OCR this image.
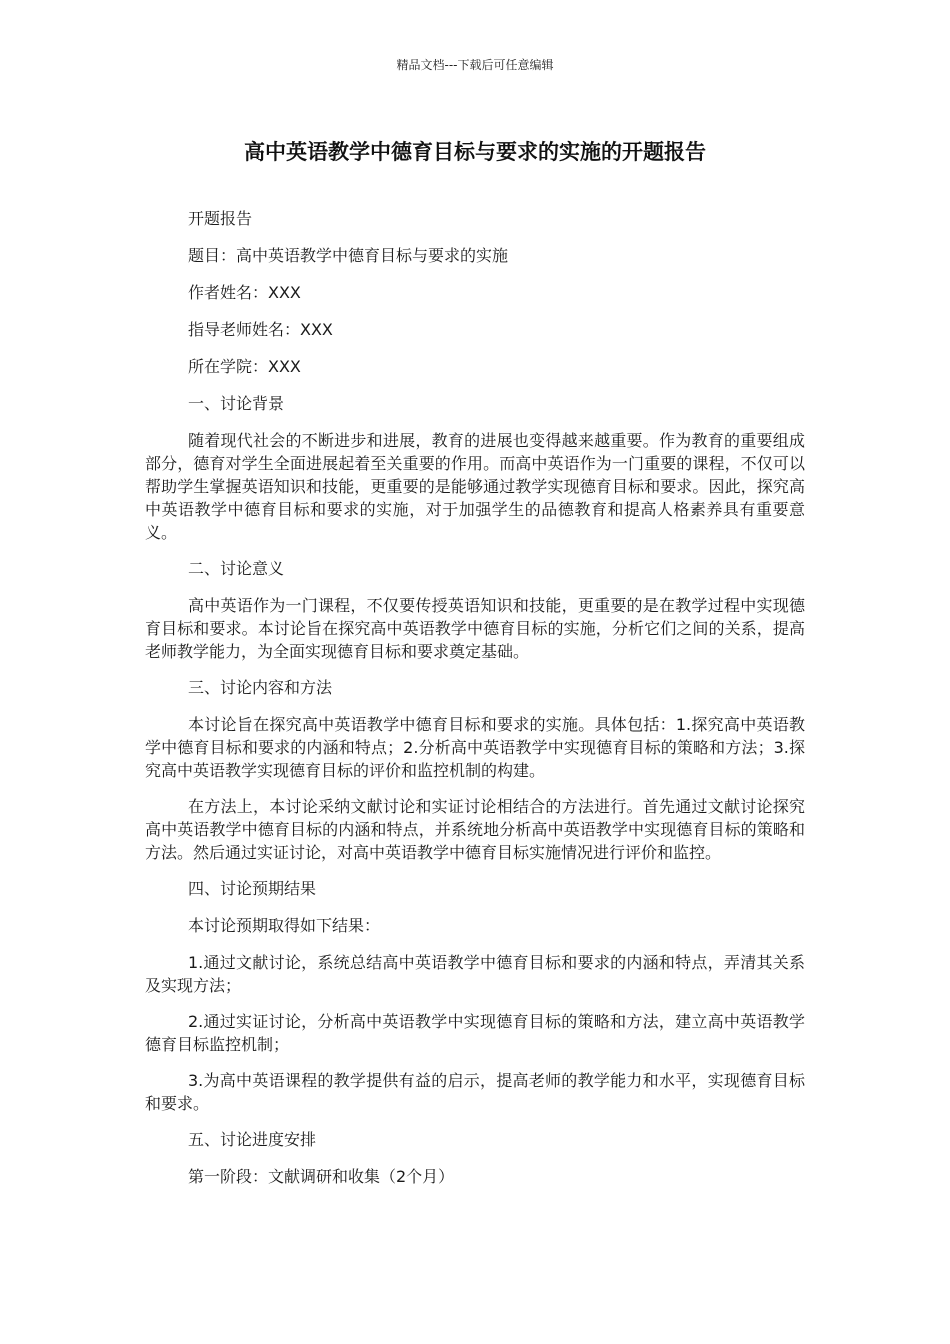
精品文档---下载后可任意编辑
高中英语教学中德育目标与要求的实施的开题报告
开题报告
题目：高中英语教学中德育目标与要求的实施
作者姓名：XXX
指导老师姓名：XXX
所在学院：XXX
一、讨论背景
随着现代社会的不断进步和进展，教育的进展也变得越来越重要。作为教育的重要组成部分，德育对学生全面进展起着至关重要的作用。而高中英语作为一门重要的课程，不仅可以帮助学生掌握英语知识和技能，更重要的是能够通过教学实现德育目标和要求。因此，探究高中英语教学中德育目标和要求的实施，对于加强学生的品德教育和提高人格素养具有重要意义。
二、讨论意义
高中英语作为一门课程，不仅要传授英语知识和技能，更重要的是在教学过程中实现德育目标和要求。本讨论旨在探究高中英语教学中德育目标的实施，分析它们之间的关系，提高老师教学能力，为全面实现德育目标和要求奠定基础。
三、讨论内容和方法
本讨论旨在探究高中英语教学中德育目标和要求的实施。具体包括：1.探究高中英语教学中德育目标和要求的内涵和特点；2.分析高中英语教学中实现德育目标的策略和方法；3.探究高中英语教学实现德育目标的评价和监控机制的构建。
在方法上，本讨论采纳文献讨论和实证讨论相结合的方法进行。首先通过文献讨论探究高中英语教学中德育目标的内涵和特点，并系统地分析高中英语教学中实现德育目标的策略和方法。然后通过实证讨论，对高中英语教学中德育目标实施情况进行评价和监控。
四、讨论预期结果
本讨论预期取得如下结果：
1.通过文献讨论，系统总结高中英语教学中德育目标和要求的内涵和特点，弄清其关系及实现方法；
2.通过实证讨论，分析高中英语教学中实现德育目标的策略和方法，建立高中英语教学德育目标监控机制；
3.为高中英语课程的教学提供有益的启示，提高老师的教学能力和水平，实现德育目标和要求。
五、讨论进度安排
第一阶段：文献调研和收集（2个月）
